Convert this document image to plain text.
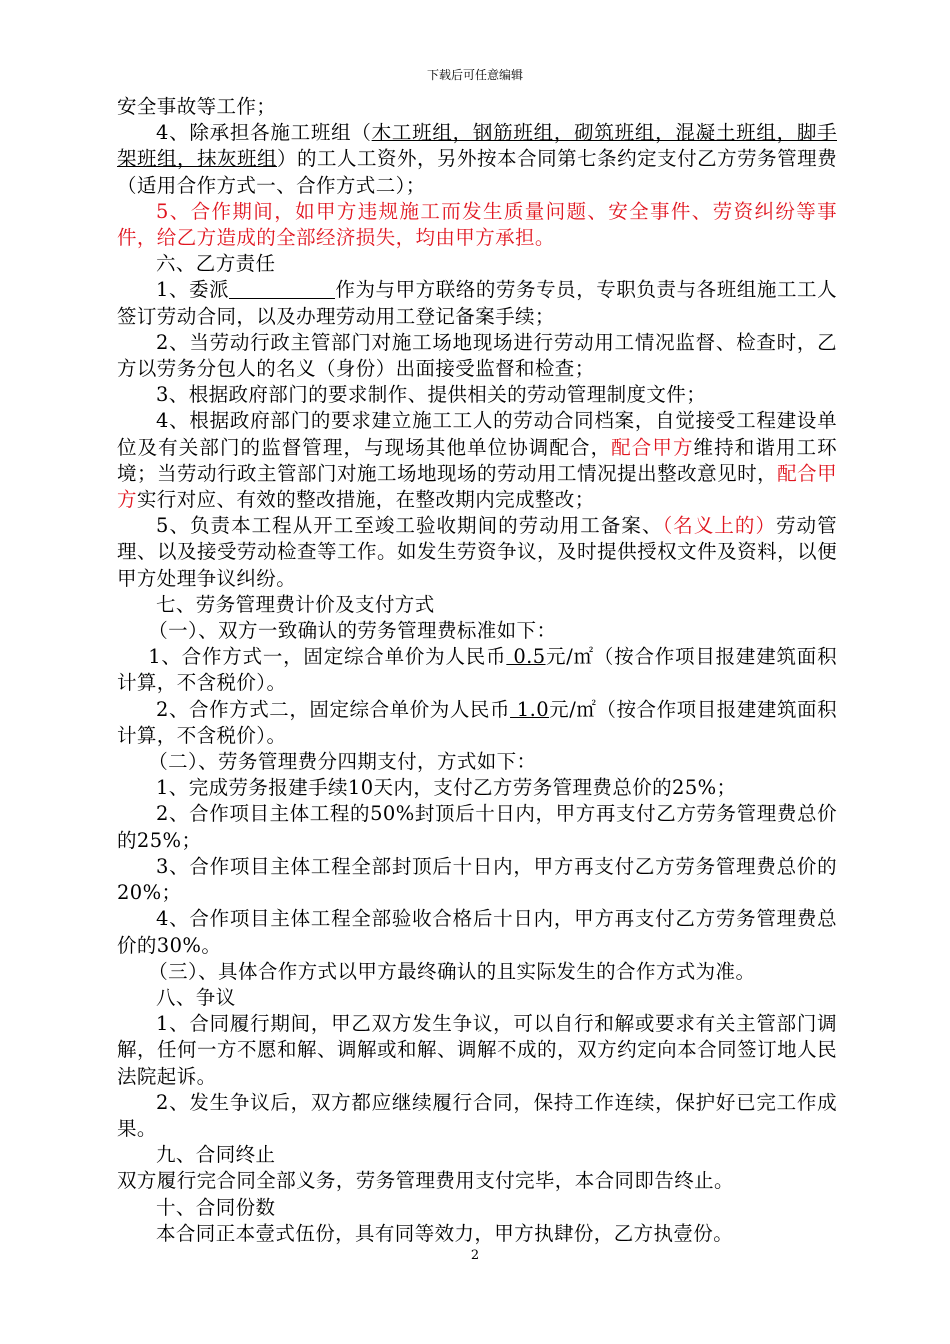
下载后可任意编辑

安全事故等工作；

4、除承担各施工班组（木工班组，钢筋班组，砌筑班组，混凝土班组，脚手架班组，抹灰班组）的工人工资外，另外按本合同第七条约定支付乙方劳务管理费（适用合作方式一、合作方式二）；

5、合作期间，如甲方违规施工而发生质量问题、安全事件、劳资纠纷等事件，给乙方造成的全部经济损失，均由甲方承担。

六、乙方责任

1、委派	作为与甲方联络的劳务专员，专职负责与各班组施工工人签订劳动合同，以及办理劳动用工登记备案手续；

2、当劳动行政主管部门对施工场地现场进行劳动用工情况监督、检查时，乙方以劳务分包人的名义（身份）出面接受监督和检查；

3、根据政府部门的要求制作、提供相关的劳动管理制度文件；

4、根据政府部门的要求建立施工工人的劳动合同档案，自觉接受工程建设单位及有关部门的监督管理，与现场其他单位协调配合，配合甲方维持和谐用工环境；当劳动行政主管部门对施工场地现场的劳动用工情况提出整改意见时，配合甲方实行对应、有效的整改措施，在整改期内完成整改；

5、负责本工程从开工至竣工验收期间的劳动用工备案、（名义上的）劳动管理、以及接受劳动检查等工作。如发生劳资争议，及时提供授权文件及资料，以便甲方处理争议纠纷。

七、劳务管理费计价及支付方式

（一）、双方一致确认的劳务管理费标准如下：

1、合作方式一，固定综合单价为人民币 0.5元/㎡（按合作项目报建建筑面积计算，不含税价）。

2、合作方式二，固定综合单价为人民币 1.0元/㎡（按合作项目报建建筑面积计算，不含税价）。

（二）、劳务管理费分四期支付，方式如下：

1、完成劳务报建手续10天内，支付乙方劳务管理费总价的25%；

2、合作项目主体工程的50%封顶后十日内，甲方再支付乙方劳务管理费总价的25%；

3、合作项目主体工程全部封顶后十日内，甲方再支付乙方劳务管理费总价的20%；

4、合作项目主体工程全部验收合格后十日内，甲方再支付乙方劳务管理费总价的30%。

（三）、具体合作方式以甲方最终确认的且实际发生的合作方式为准。

八、争议

1、合同履行期间，甲乙双方发生争议，可以自行和解或要求有关主管部门调解，任何一方不愿和解、调解或和解、调解不成的，双方约定向本合同签订地人民法院起诉。

2、发生争议后，双方都应继续履行合同，保持工作连续，保护好已完工作成果。

九、合同终止

双方履行完合同全部义务，劳务管理费用支付完毕，本合同即告终止。

十、合同份数

本合同正本壹式伍份，具有同等效力，甲方执肆份，乙方执壹份。

2
